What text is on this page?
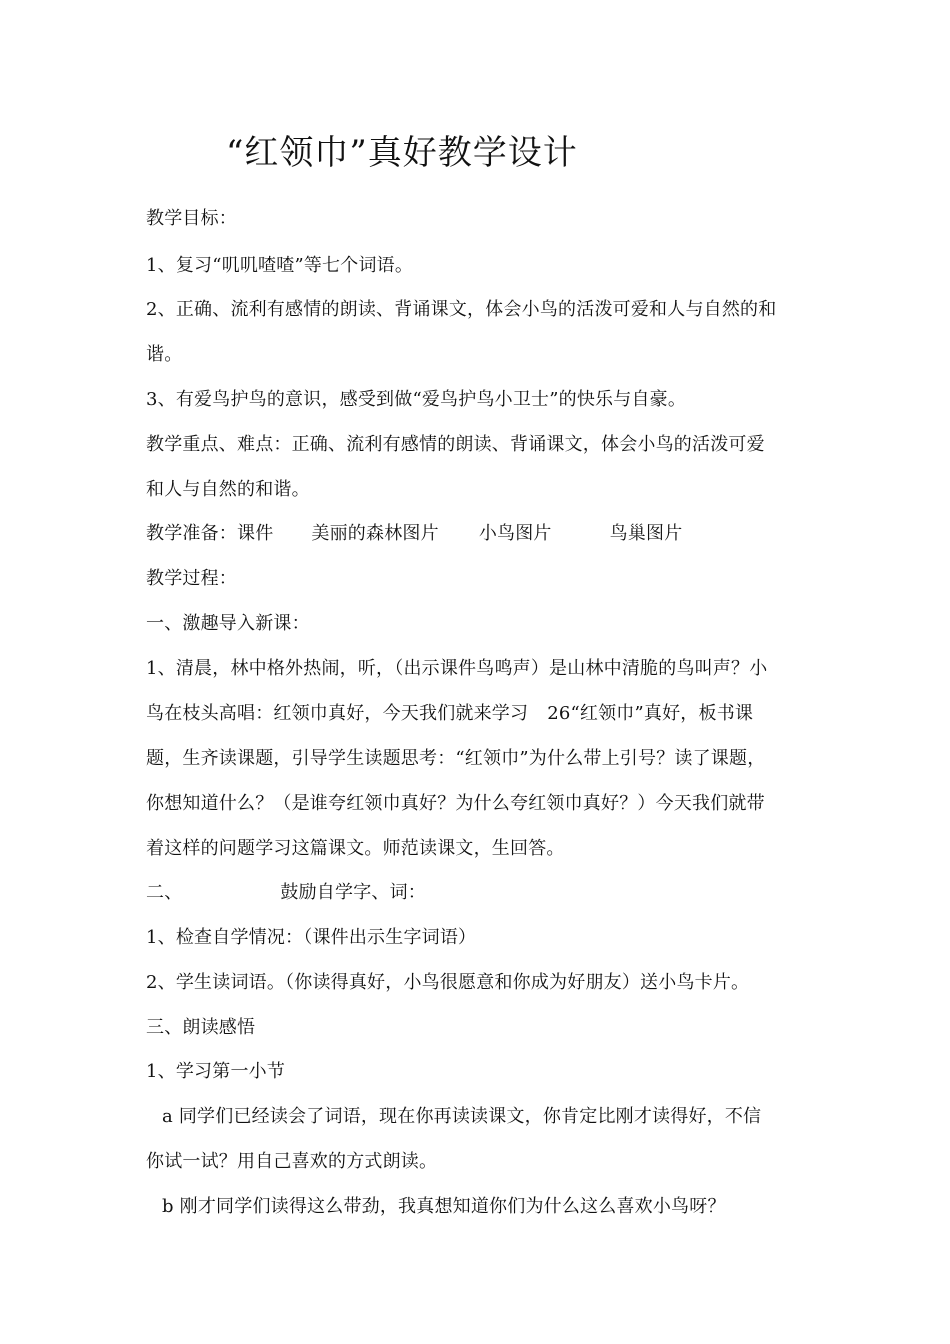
“红领巾”真好教学设计
教学目标：
1、复习“叽叽喳喳”等七个词语。
2、正确、流利有感情的朗读、背诵课文，体会小鸟的活泼可爱和人与自然的和
谐。
3、有爱鸟护鸟的意识，感受到做“爱鸟护鸟小卫士”的快乐与自豪。
教学重点、难点：正确、流利有感情的朗读、背诵课文，体会小鸟的活泼可爱
和人与自然的和谐。
教学准备：课件 美丽的森林图片 小鸟图片	鸟巢图片
教学过程：
一、激趣导入新课：
1、清晨，林中格外热闹，听，（出示课件鸟鸣声）是山林中清脆的鸟叫声？小
鸟在枝头高唱：红领巾真好，今天我们就来学习 26“红领巾”真好，板书课
题，生齐读课题，引导学生读题思考：“红领巾”为什么带上引号？读了课题，
你想知道什么？（是谁夸红领巾真好？为什么夸红领巾真好？）今天我们就带
着这样的问题学习这篇课文。师范读课文，生回答。
二、	鼓励自学字、词：
1、检查自学情况：（课件出示生字词语）
2、学生读词语。（你读得真好，小鸟很愿意和你成为好朋友）送小鸟卡片。
三、朗读感悟
1、学习第一小节
a 同学们已经读会了词语，现在你再读读课文，你肯定比刚才读得好，不信
你试一试？用自己喜欢的方式朗读。
b 刚才同学们读得这么带劲，我真想知道你们为什么这么喜欢小鸟呀？
